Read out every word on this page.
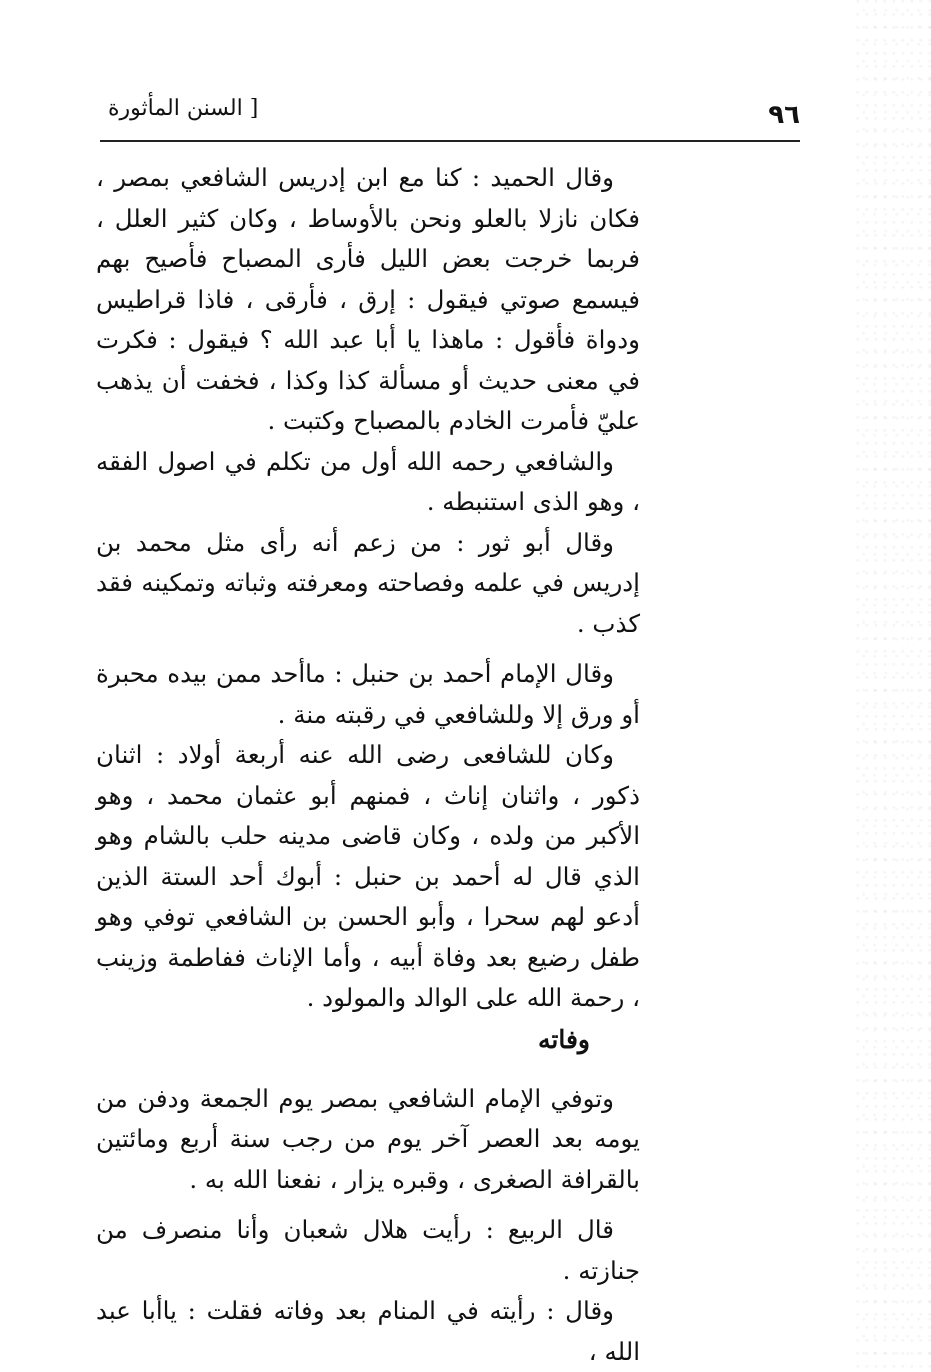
٩٦
[ السنن المأثورة

وقال الحميد : كنا مع ابن إدريس الشافعي بمصر ، فكان نازلا بالعلو ونحن بالأوساط ، وكان كثير العلل ، فربما خرجت بعض الليل فأرى المصباح فأصيح بهم فيسمع صوتي فيقول : إرق ، فأرقى ، فاذا قراطيس ودواة فأقول : ماهذا يا أبا عبد الله ؟ فيقول : فكرت في معنى حديث أو مسألة كذا وكذا ، فخفت أن يذهب عليّ فأمرت الخادم بالمصباح وكتبت .

والشافعي رحمه الله أول من تكلم في اصول الفقه ، وهو الذى استنبطه .

وقال أبو ثور : من زعم أنه رأى مثل محمد بن إدريس في علمه وفصاحته ومعرفته وثباته وتمكينه فقد كذب .

وقال الإمام أحمد بن حنبل : ماأحد ممن بيده محبرة أو ورق إلا وللشافعي في رقبته منة .

وكان للشافعى رضى الله عنه أربعة أولاد : اثنان ذكور ، واثنان إناث ، فمنهم أبو عثمان محمد ، وهو الأكبر من ولده ، وكان قاضى مدينه حلب بالشام وهو الذي قال له أحمد بن حنبل : أبوك أحد الستة الذين أدعو لهم سحرا ، وأبو الحسن بن الشافعي توفي وهو طفل رضيع بعد وفاة أبيه ، وأما الإناث ففاطمة وزينب ، رحمة الله على الوالد والمولود .

وفاته

وتوفي الإمام الشافعي بمصر يوم الجمعة ودفن من يومه بعد العصر آخر يوم من رجب سنة أربع ومائتين بالقرافة الصغرى ، وقبره يزار ، نفعنا الله به .

قال الربيع : رأيت هلال شعبان وأنا منصرف من جنازته .

وقال : رأيته في المنام بعد وفاته فقلت : ياأبا عبد الله ،
